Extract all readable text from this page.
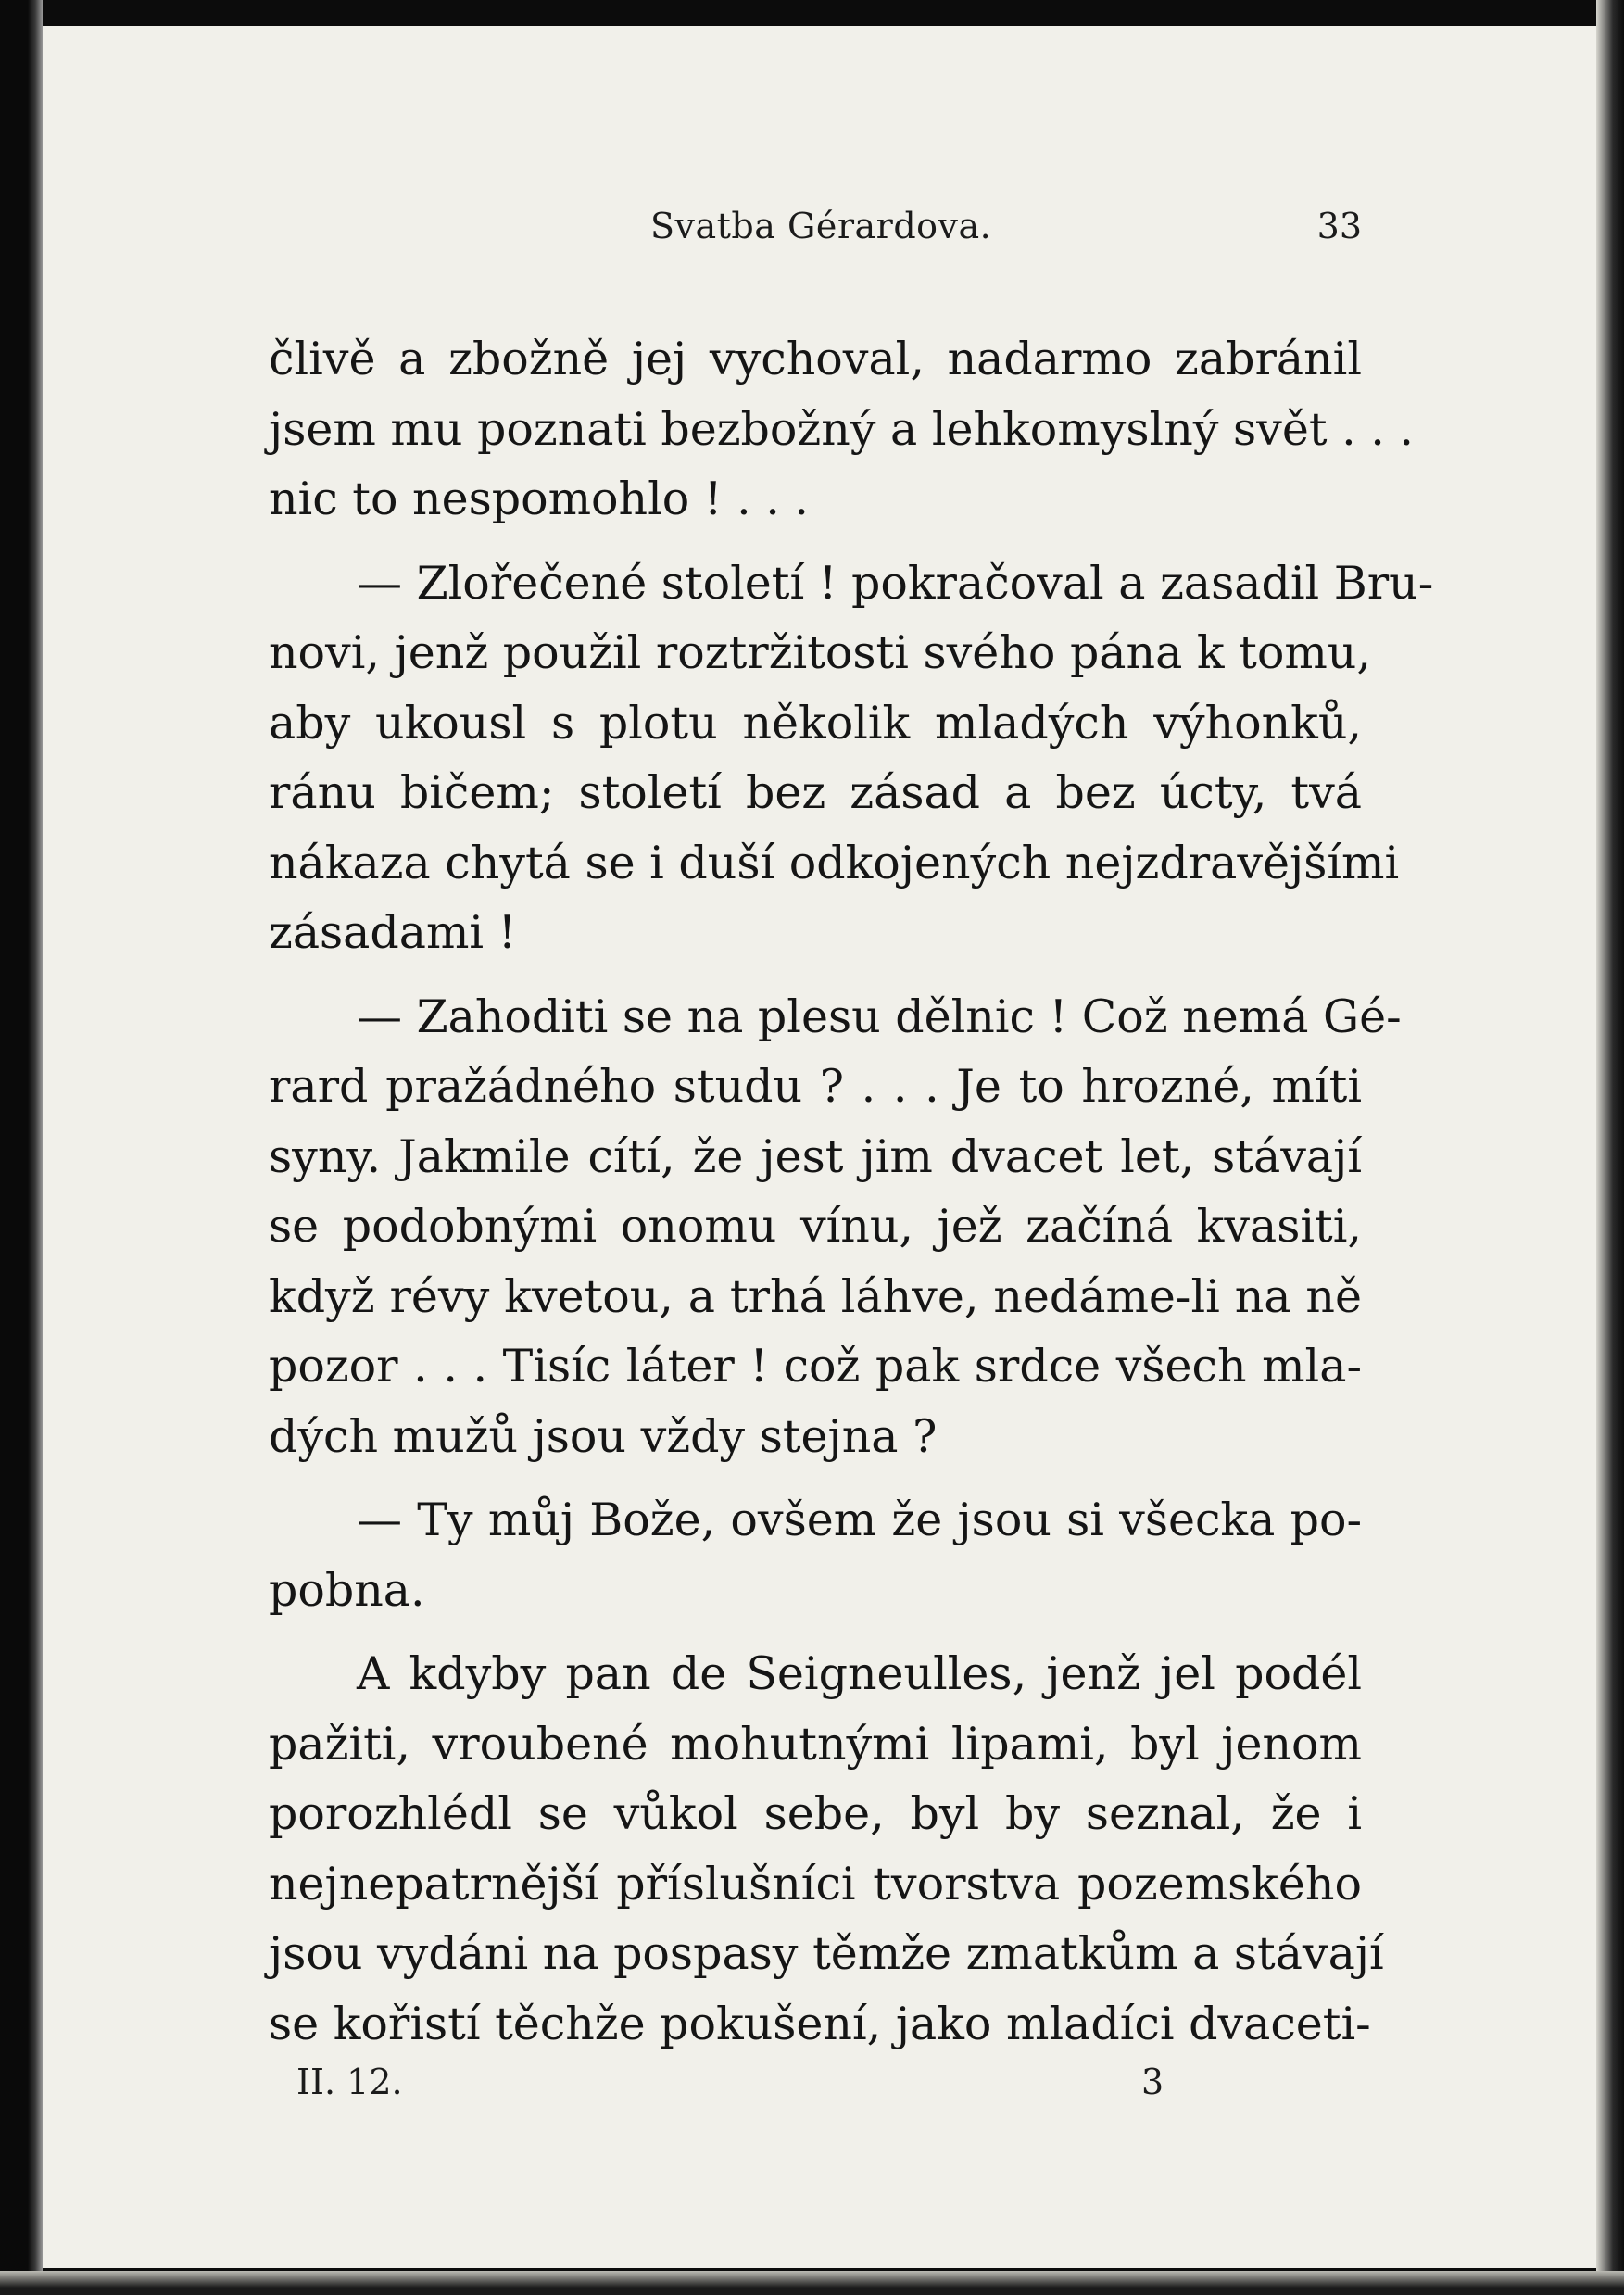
Svatba Gérardova.	33
člivě a zbožně jej vychoval, nadarmo zabránil
jsem mu poznati bezbožný a lehkomyslný svět . . .
nic to nespomohlo ! . . .
— Zlořečené století ! pokračoval a zasadil Bru-
novi, jenž použil roztržitosti svého pána k tomu,
aby ukousl s plotu několik mladých výhonků,
ránu bičem; století bez zásad a bez úcty, tvá
nákaza chytá se i duší odkojených nejzdravějšími
zásadami !
— Zahoditi se na plesu dělnic ! Což nemá Gé-
rard pražádného studu ? . . . Je to hrozné, míti
syny. Jakmile cítí, že jest jim dvacet let, stávají
se podobnými onomu vínu, jež začíná kvasiti,
když révy kvetou, a trhá láhve, nedáme-li na ně
pozor . . . Tisíc láter ! což pak srdce všech mla-
dých mužů jsou vždy stejna ?
— Ty můj Bože, ovšem že jsou si všecka po-
pobna.
A kdyby pan de Seigneulles, jenž jel podél
pažiti, vroubené mohutnými lipami, byl jenom
porozhlédl se vůkol sebe, byl by seznal, že i
nejnepatrnější příslušníci tvorstva pozemského
jsou vydáni na pospasy těmže zmatkům a stávají
se kořistí těchže pokušení, jako mladíci dvaceti-
II. 12.	3
